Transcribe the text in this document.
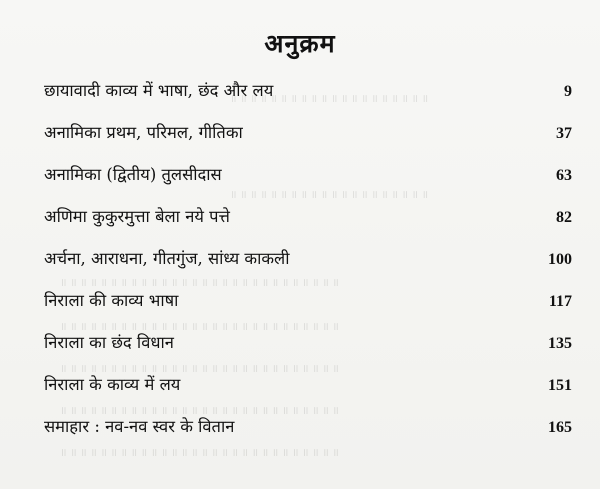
॥ ॥ ॥ ॥ ॥ ॥ ॥ ॥ ॥ ॥ ॥ ॥ ॥ ॥ ॥ ॥ ॥ ॥ ॥ ॥
॥ ॥ ॥ ॥ ॥ ॥ ॥ ॥ ॥ ॥ ॥ ॥ ॥ ॥ ॥ ॥ ॥ ॥ ॥ ॥
॥ ॥ ॥ ॥ ॥ ॥ ॥ ॥ ॥ ॥ ॥ ॥ ॥ ॥ ॥ ॥ ॥ ॥ ॥ ॥ ॥ ॥ ॥ ॥ ॥ ॥ ॥ ॥
॥ ॥ ॥ ॥ ॥ ॥ ॥ ॥ ॥ ॥ ॥ ॥ ॥ ॥ ॥ ॥ ॥ ॥ ॥ ॥ ॥ ॥ ॥ ॥ ॥ ॥ ॥ ॥
॥ ॥ ॥ ॥ ॥ ॥ ॥ ॥ ॥ ॥ ॥ ॥ ॥ ॥ ॥ ॥ ॥ ॥ ॥ ॥ ॥ ॥ ॥ ॥ ॥ ॥ ॥ ॥
॥ ॥ ॥ ॥ ॥ ॥ ॥ ॥ ॥ ॥ ॥ ॥ ॥ ॥ ॥ ॥ ॥ ॥ ॥ ॥ ॥ ॥ ॥ ॥ ॥ ॥ ॥ ॥
॥ ॥ ॥ ॥ ॥ ॥ ॥ ॥ ॥ ॥ ॥ ॥ ॥ ॥ ॥ ॥ ॥ ॥ ॥ ॥ ॥ ॥ ॥ ॥ ॥ ॥ ॥ ॥
अनुक्रम
छायावादी काव्य में भाषा, छंद और लय	9
अनामिका प्रथम, परिमल, गीतिका	37
अनामिका (द्वितीय) तुलसीदास	63
अणिमा कुकुरमुत्ता बेला नये पत्ते	82
अर्चना, आराधना, गीतगुंज, सांध्य काकली	100
निराला की काव्य भाषा	117
निराला का छंद विधान	135
निराला के काव्य में लय	151
समाहार : नव-नव स्वर के वितान	165
